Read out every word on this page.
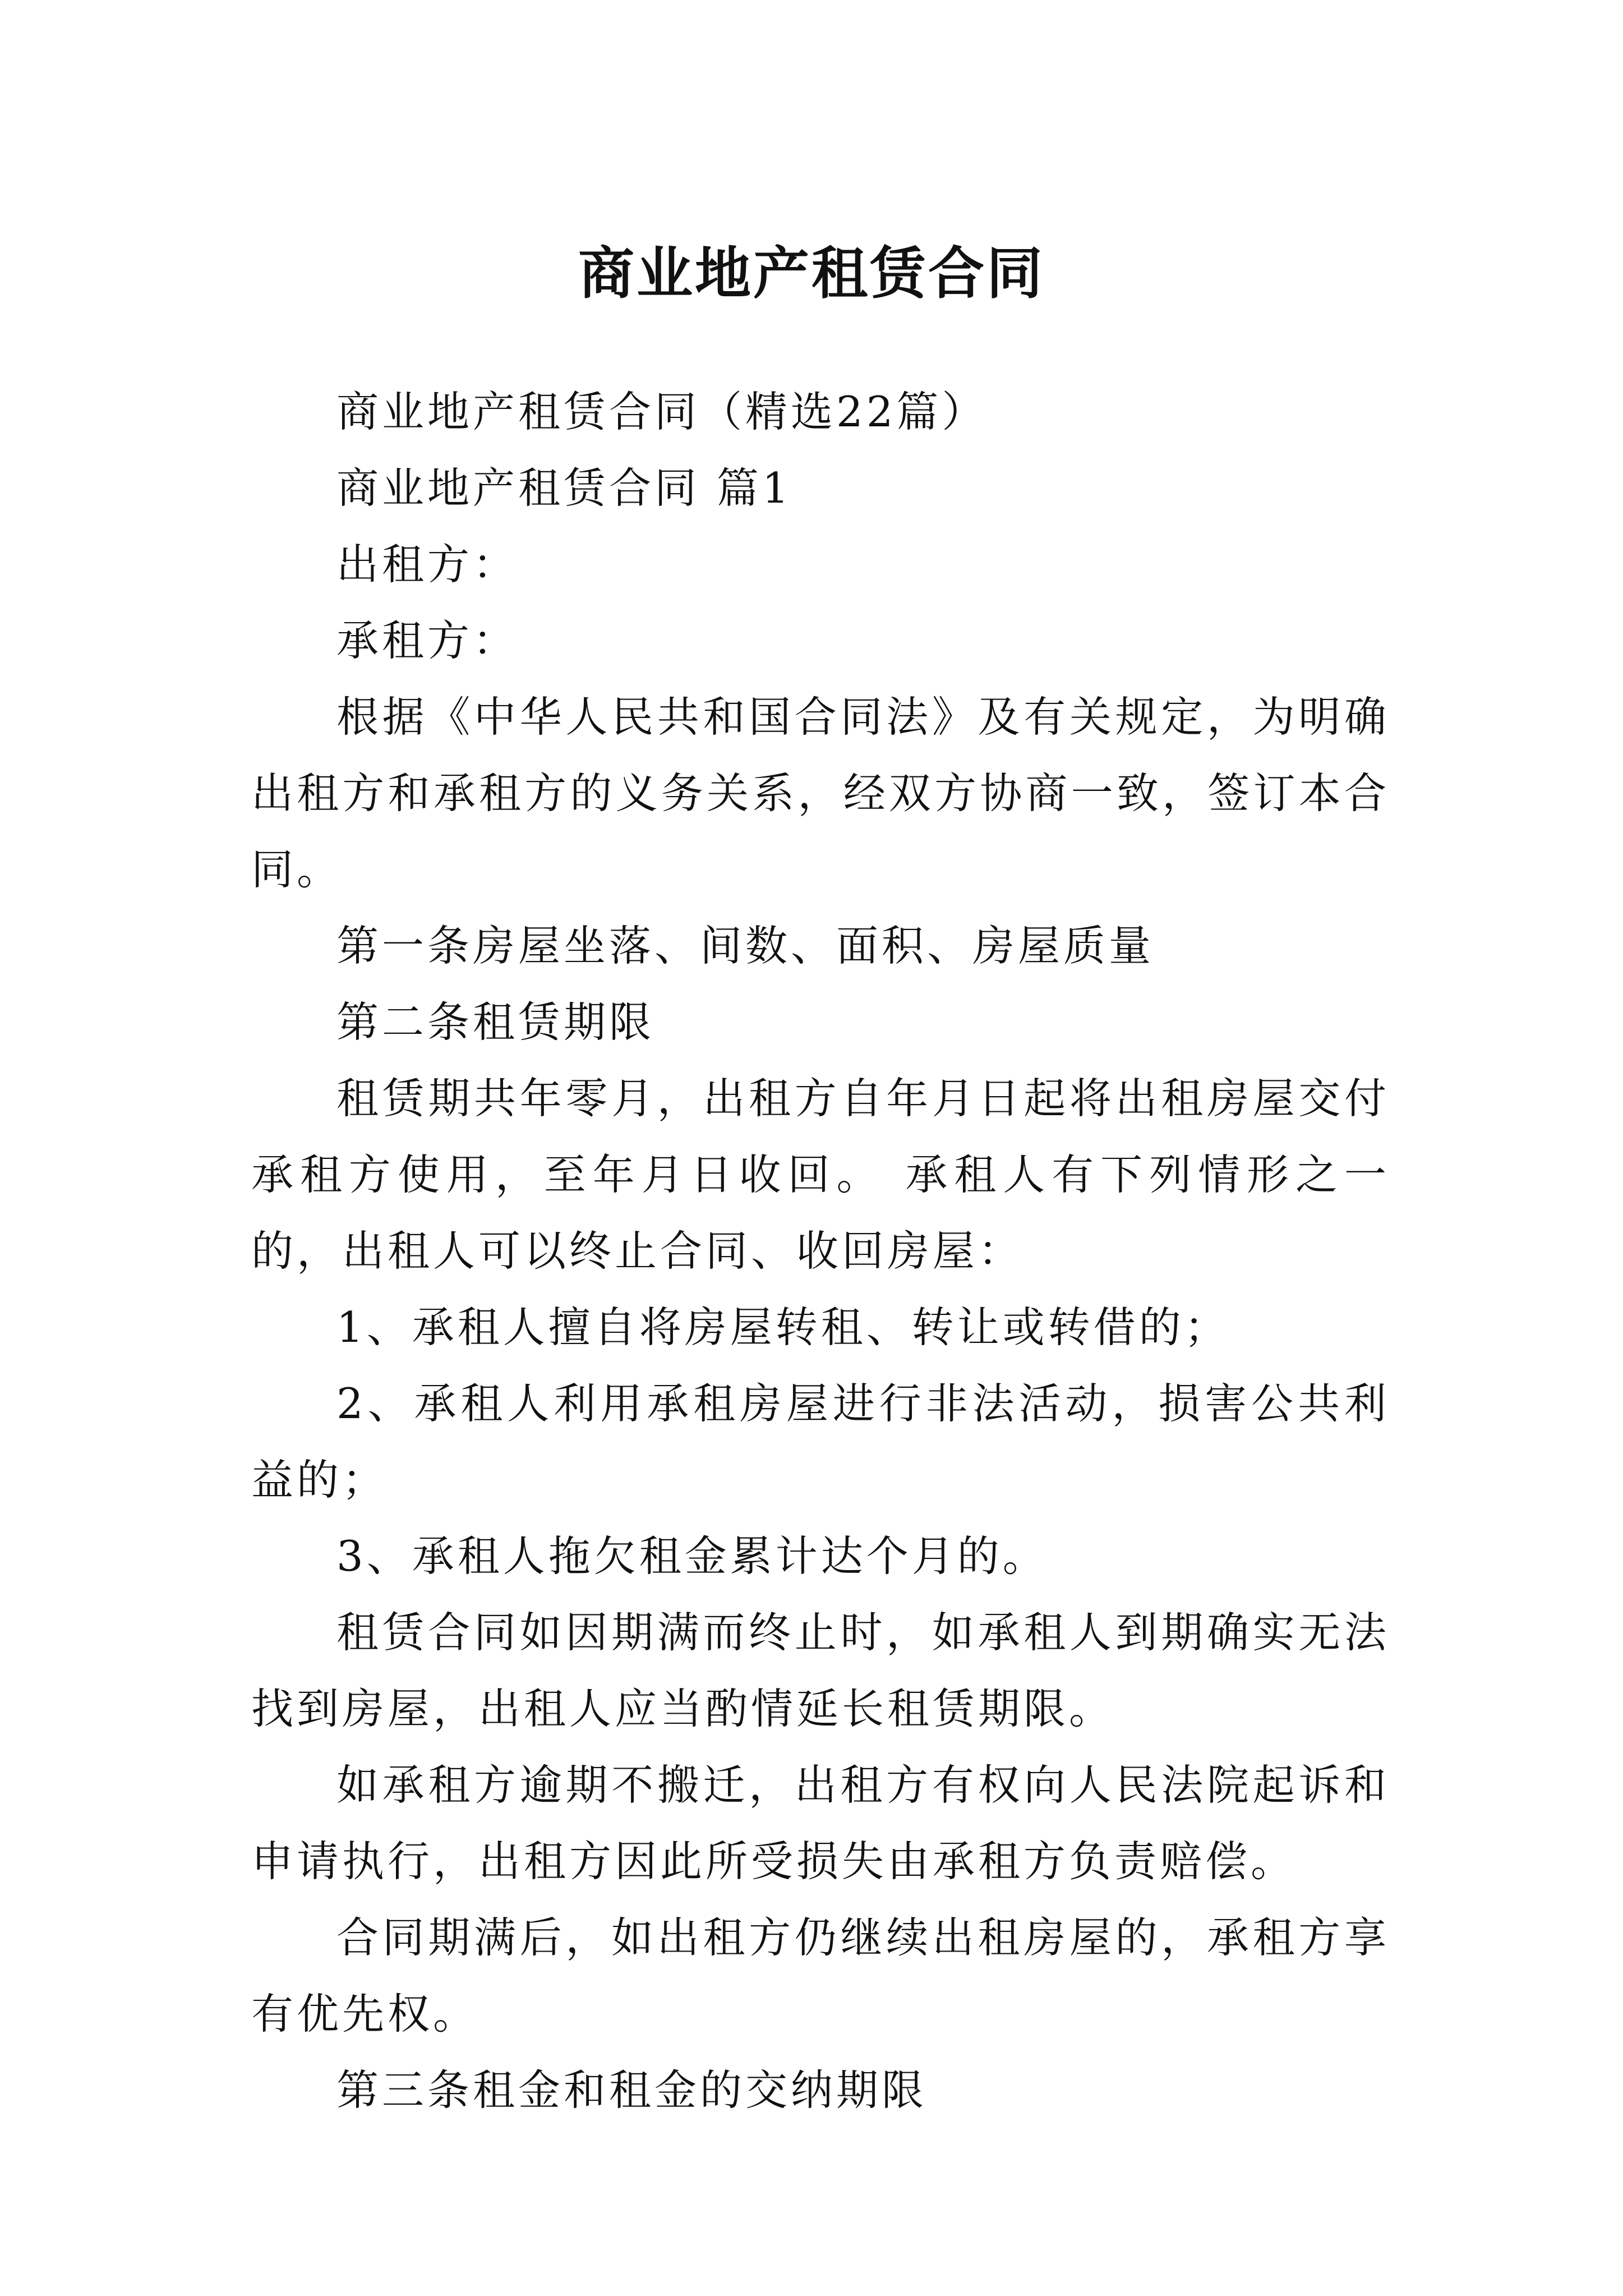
商业地产租赁合同

商业地产租赁合同（精选22篇）

商业地产租赁合同 篇1

出租方：

承租方：

根据《中华人民共和国合同法》及有关规定，为明确出租方和承租方的义务关系，经双方协商一致，签订本合同。

第一条房屋坐落、间数、面积、房屋质量

第二条租赁期限

租赁期共年零月，出租方自年月日起将出租房屋交付承租方使用，至年月日收回。 承租人有下列情形之一的，出租人可以终止合同、收回房屋：

1、承租人擅自将房屋转租、转让或转借的；

2、承租人利用承租房屋进行非法活动，损害公共利益的；

3、承租人拖欠租金累计达个月的。

租赁合同如因期满而终止时，如承租人到期确实无法找到房屋，出租人应当酌情延长租赁期限。

如承租方逾期不搬迁，出租方有权向人民法院起诉和申请执行，出租方因此所受损失由承租方负责赔偿。

合同期满后，如出租方仍继续出租房屋的，承租方享有优先权。

第三条租金和租金的交纳期限
